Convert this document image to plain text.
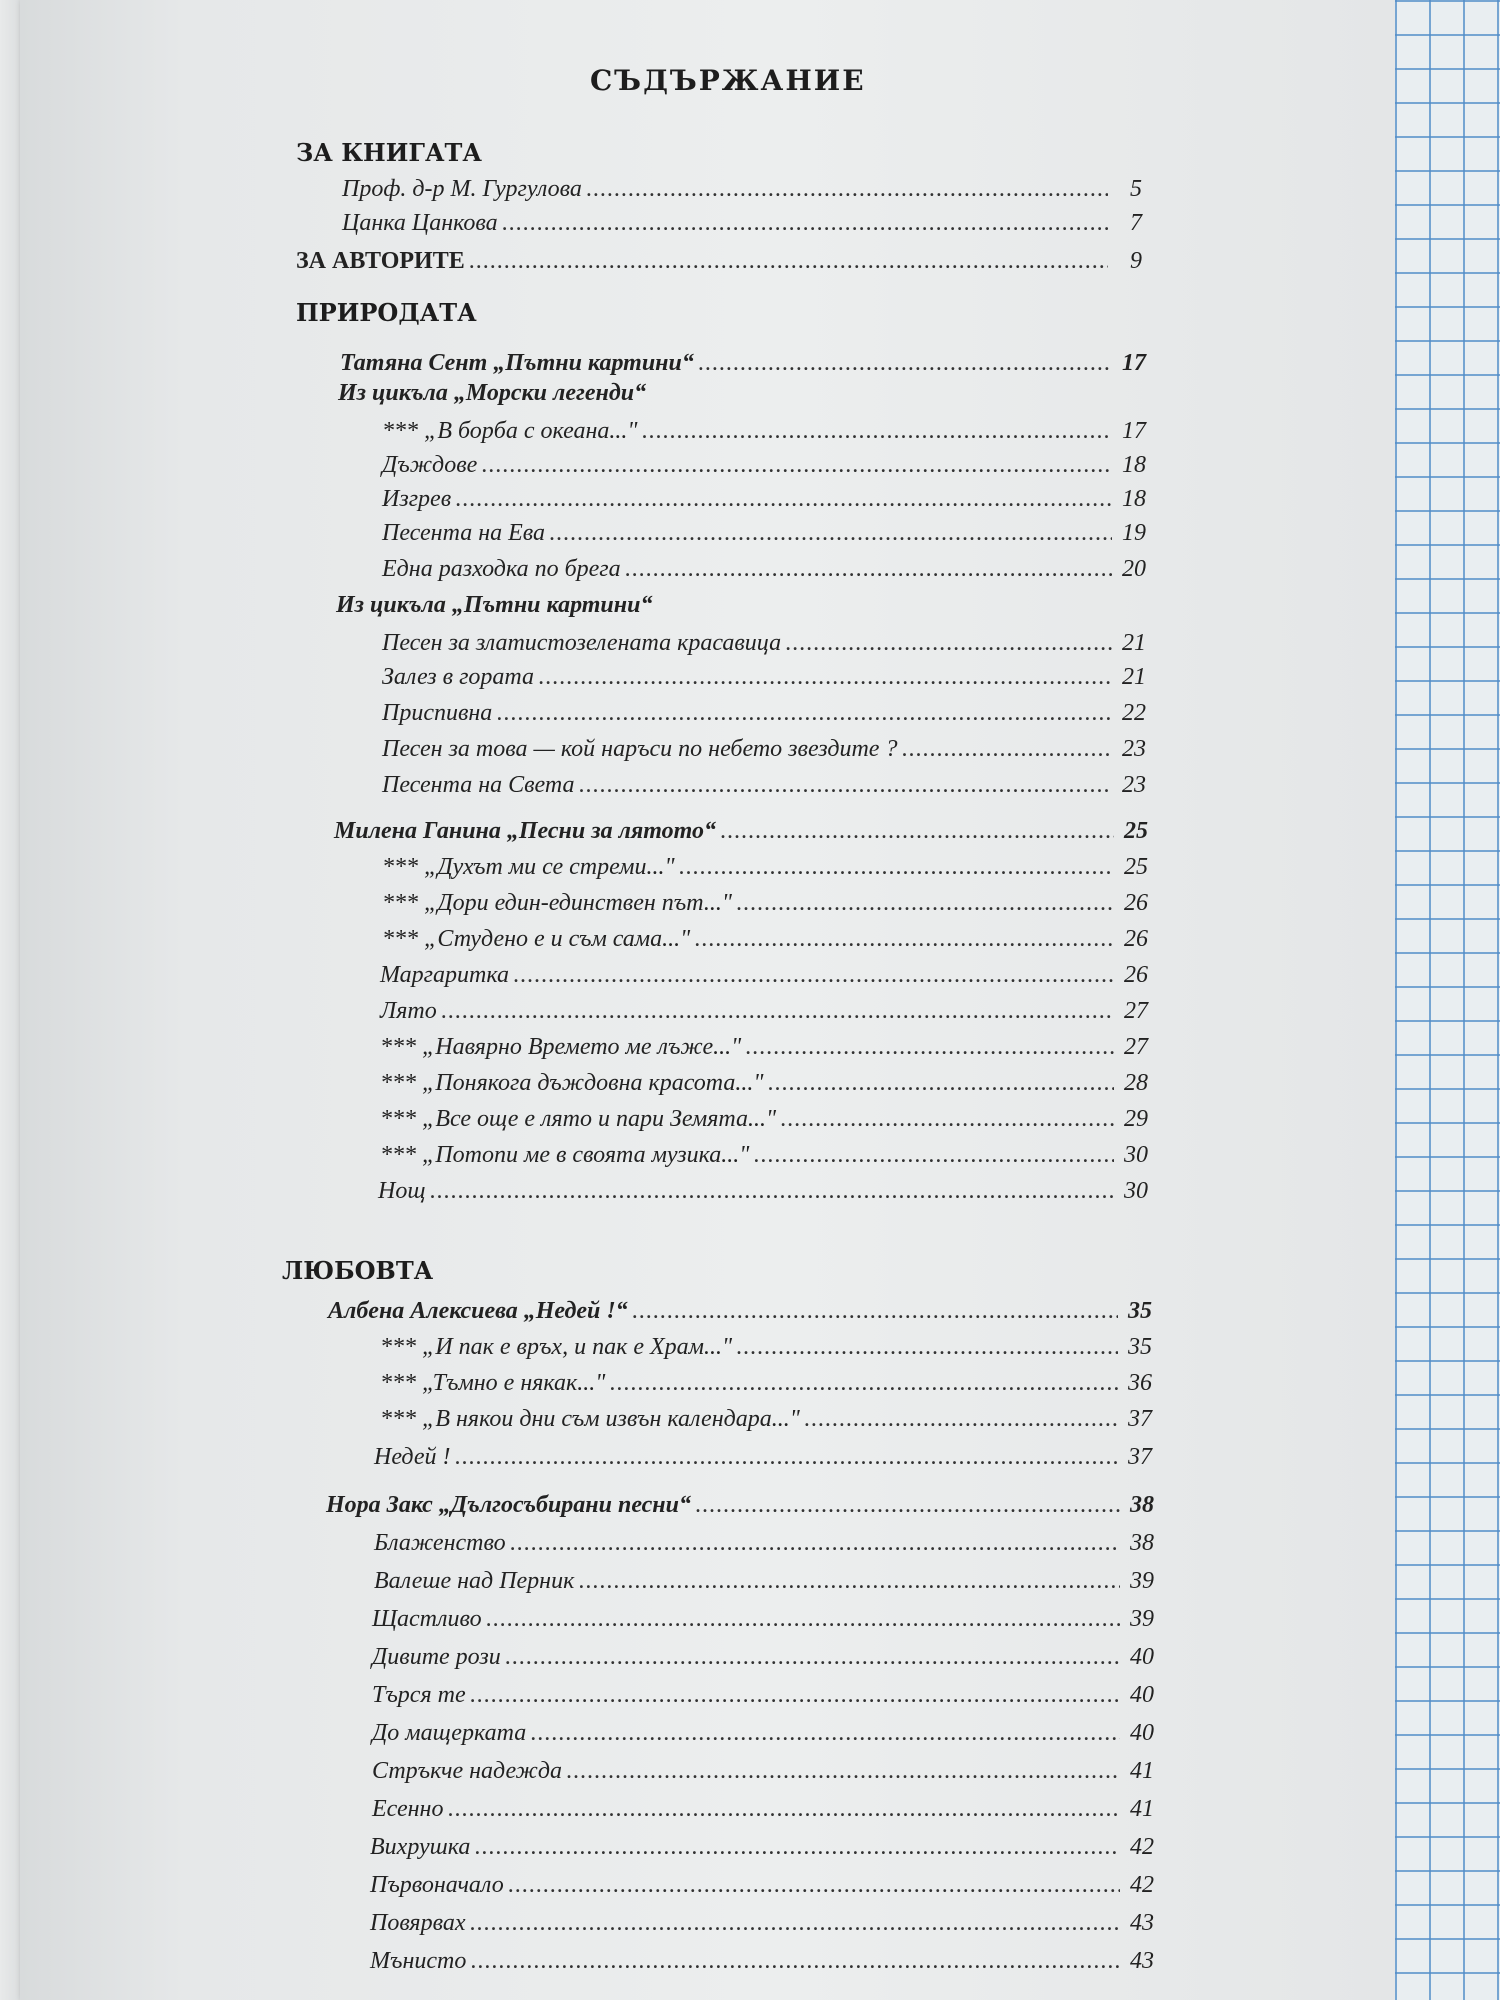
СЪДЪРЖАНИЕ
ЗА КНИГАТА
Проф. д-р М. Гургулова .....	5
Цанка Цанкова .....	7
ЗА АВТОРИТЕ .....	9
ПРИРОДАТА
Татяна Сент „Пътни картини“ .....	17
Из цикъла „Морски легенди“
*** „В борба с океана..." .....	17
Дъждове .....	18
Изгрев .....	18
Песента на Ева .....	19
Една разходка по брега .....	20
Из цикъла „Пътни картини“
Песен за златистозелената красавица .....	21
Залез в гората .....	21
Приспивна .....	22
Песен за това — кой наръси по небето звездите ? .....	23
Песента на Света .....	23
Милена Ганина „Песни за лятото“ .....	25
*** „Духът ми се стреми..." .....	25
*** „Дори един-единствен път..." .....	26
*** „Студено е и съм сама..." .....	26
Маргаритка .....	26
Лято .....	27
*** „Навярно Времето ме лъже..." .....	27
*** „Понякога дъждовна красота..." .....	28
*** „Все още е лято и пари Земята..." .....	29
*** „Потопи ме в своята музика..." .....	30
Нощ .....	30
ЛЮБОВТА
Албена Алексиева „Недей !“ .....	35
*** „И пак е връх, и пак е Храм..." .....	35
*** „Тъмно е някак..." .....	36
*** „В някои дни съм извън календара..." .....	37
Недей ! .....	37
Нора Закс „Дългосъбирани песни“ .....	38
Блаженство .....	38
Валеше над Перник .....	39
Щастливо .....	39
Дивите рози .....	40
Търся те .....	40
До мащерката .....	40
Стръкче надежда .....	41
Есенно .....	41
Вихрушка .....	42
Първоначало .....	42
Повярвах .....	43
Мънисто .....	43
